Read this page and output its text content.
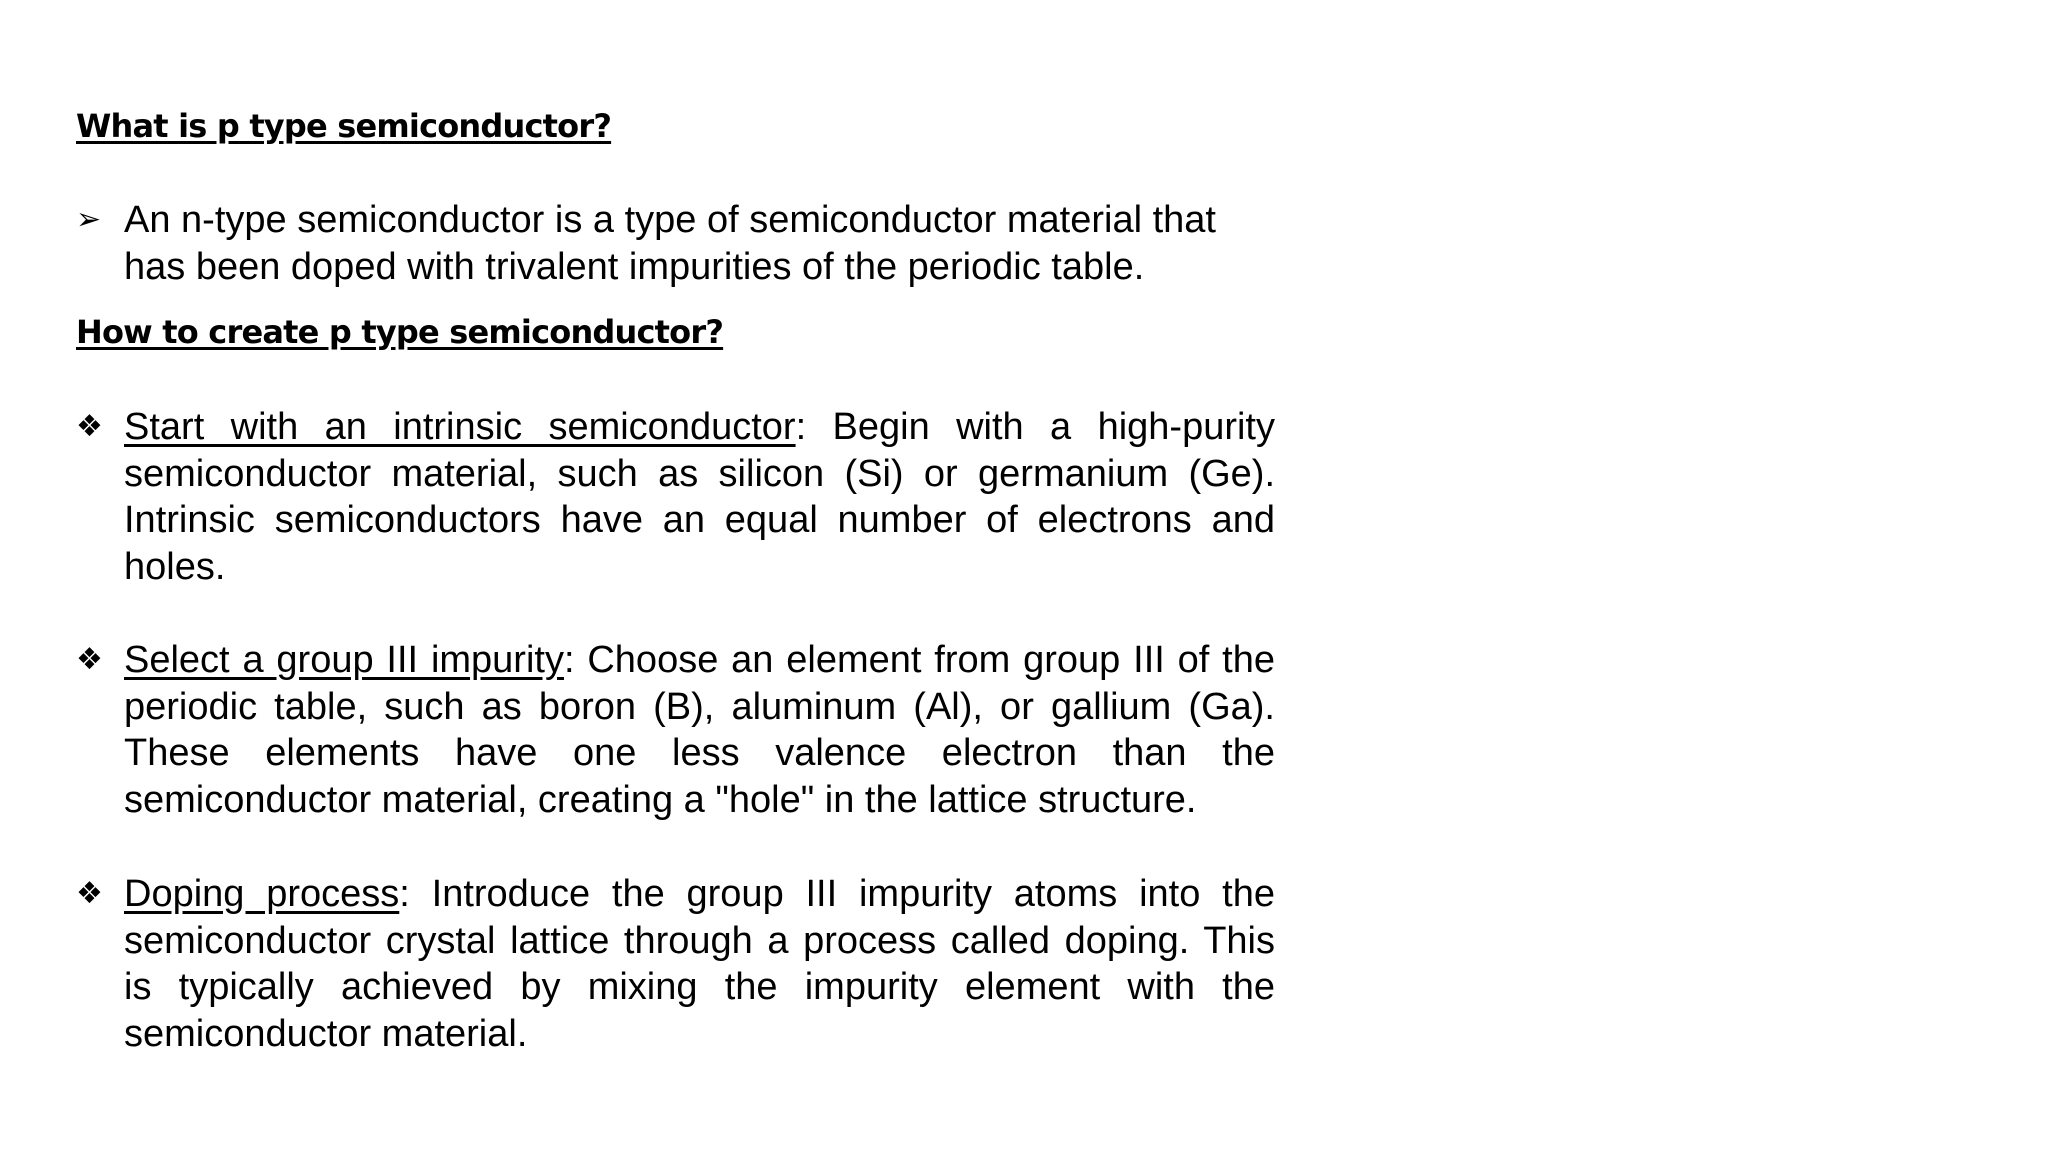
What is p type semiconductor?
➢ An n-type semiconductor is a type of semiconductor material that has been doped with trivalent impurities of the periodic table.
How to create p type semiconductor?
❖ Start with an intrinsic semiconductor: Begin with a high-purity semiconductor material, such as silicon (Si) or germanium (Ge). Intrinsic semiconductors have an equal number of electrons and holes.
❖ Select a group III impurity: Choose an element from group III of the periodic table, such as boron (B), aluminum (Al), or gallium (Ga). These elements have one less valence electron than the semiconductor material, creating a "hole" in the lattice structure.
❖ Doping process: Introduce the group III impurity atoms into the semiconductor crystal lattice through a process called doping. This is typically achieved by mixing the impurity element with the semiconductor material.
